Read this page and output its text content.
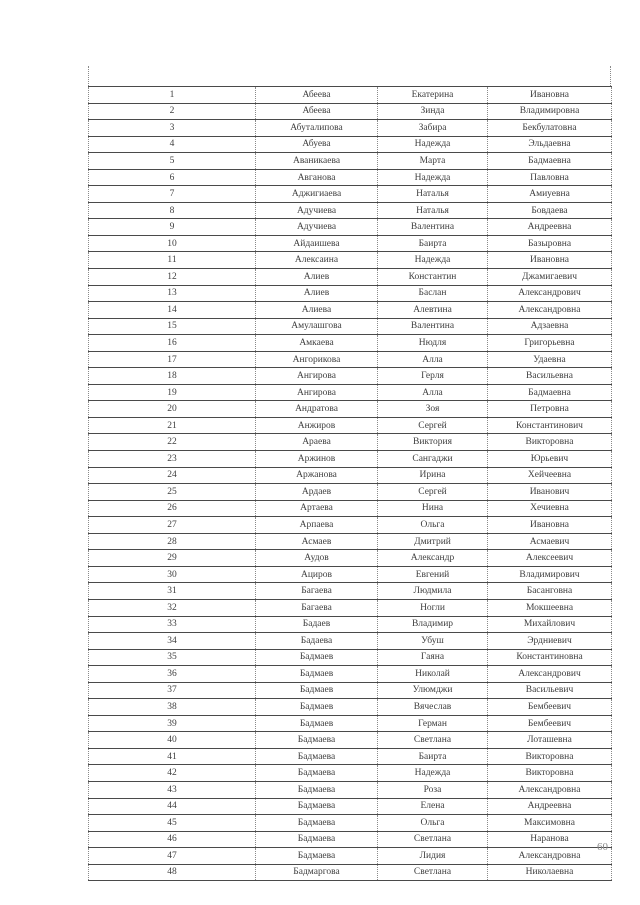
1	Абеева	Екатерина	Ивановна
2	Абеева	Зинда	Владимировна
3	Абуталипова	Забира	Бекбулатовна
4	Абуева	Надежда	Эльдаевна
5	Аваникаева	Марта	Бадмаевна
6	Авганова	Надежда	Павловна
7	Аджигиаева	Наталья	Амиуевна
8	Адучиева	Наталья	Бовдаева
9	Адучиева	Валентина	Андреевна
10	Айдаишева	Баирта	Базыровна
11	Алексаина	Надежда	Ивановна
12	Алиев	Константин	Джамигаевич
13	Алиев	Баслан	Александрович
14	Алиева	Алевтина	Александровна
15	Амулашгова	Валентина	Адзаевна
16	Амкаева	Нюдля	Григорьевна
17	Ангорикова	Алла	Удаевна
18	Ангирова	Герля	Васильевна
19	Ангирова	Алла	Бадмаевна
20	Андратова	Зоя	Петровна
21	Анжиров	Сергей	Константинович
22	Араева	Виктория	Викторовна
23	Аржинов	Сангаджи	Юрьевич
24	Аржанова	Ирина	Хейчеевна
25	Ардаев	Сергей	Иванович
26	Артаева	Нина	Хечиевна
27	Арпаева	Ольга	Ивановна
28	Асмаев	Дмитрий	Асмаевич
29	Аудов	Александр	Алексеевич
30	Ациров	Евгений	Владимирович
31	Багаева	Людмила	Басанговна
32	Багаева	Ногли	Мокшеевна
33	Бадаев	Владимир	Михайлович
34	Бадаева	Убуш	Эрдниевич
35	Бадмаев	Гаяна	Константиновна
36	Бадмаев	Николай	Александрович
37	Бадмаев	Улюмджи	Васильевич
38	Бадмаев	Вячеслав	Бембеевич
39	Бадмаев	Герман	Бембеевич
40	Бадмаева	Светлана	Лоташевна
41	Бадмаева	Баирта	Викторовна
42	Бадмаева	Надежда	Викторовна
43	Бадмаева	Роза	Александровна
44	Бадмаева	Елена	Андреевна
45	Бадмаева	Ольга	Максимовна
46	Бадмаева	Светлана	Наранова
47	Бадмаева	Лидия	Александровна
48	Бадмаргова	Светлана	Николаевна
60
